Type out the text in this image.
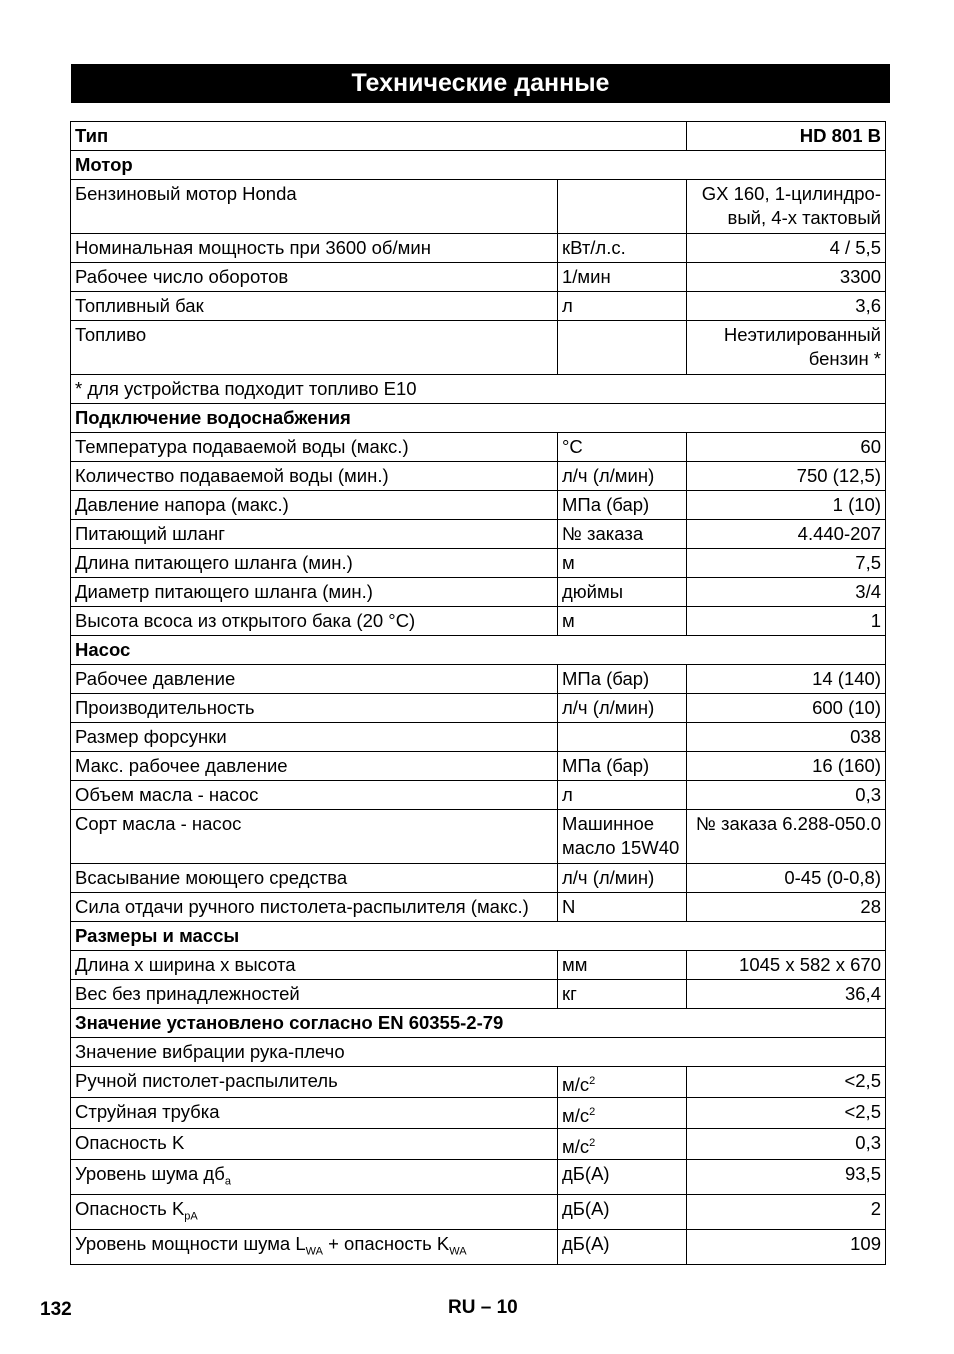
Технические данные
Тип		HD 801 B
Мотор		
Бензиновый мотор Honda		GX 160, 1-цилиндро-вый, 4-х тактовый
Номинальная мощность при 3600 об/мин	кВт/л.с.	4 / 5,5
Рабочее число оборотов	1/мин	3300
Топливный бак	л	3,6
Топливо		Неэтилированный бензин *
* для устройства подходит топливо E10		
Подключение водоснабжения		
Температура подаваемой воды (макс.)	°С	60
Количество подаваемой воды (мин.)	л/ч (л/мин)	750 (12,5)
Давление напора (макс.)	МПа (бар)	1 (10)
Питающий шланг	№ заказа	4.440-207
Длина питающего шланга (мин.)	м	7,5
Диаметр питающего шланга (мин.)	дюймы	3/4
Высота всоса из открытого бака (20 °С)	м	1
Насос		
Рабочее давление	МПа (бар)	14 (140)
Производительность	л/ч (л/мин)	600 (10)
Размер форсунки		038
Макс. рабочее давление	МПа (бар)	16 (160)
Объем масла - насос	л	0,3
Сорт масла - насос	Машинное масло 15W40	№ заказа 6.288-050.0
Всасывание моющего средства	л/ч (л/мин)	0-45 (0-0,8)
Сила отдачи ручного пистолета-распылителя (макс.)	N	28
Размеры и массы		
Длина x ширина x высота	мм	1045 x 582 x 670
Вес без принадлежностей	кг	36,4
Значение установлено согласно EN 60355-2-79		
Значение вибрации рука-плечо		
Ручной пистолет-распылитель	$м/с^2$	<2,5
Струйная трубка	$м/с^2$	<2,5
Опасность K	$м/с^2$	0,3
Уровень шума $дб_a$	дБ(А)	93,5
Опасность $K_{pA}$	дБ(А)	2
Уровень мощности шума $L_{WA}$ + опасность $K_{WA}$	дБ(А)	109
132	RU – 10
